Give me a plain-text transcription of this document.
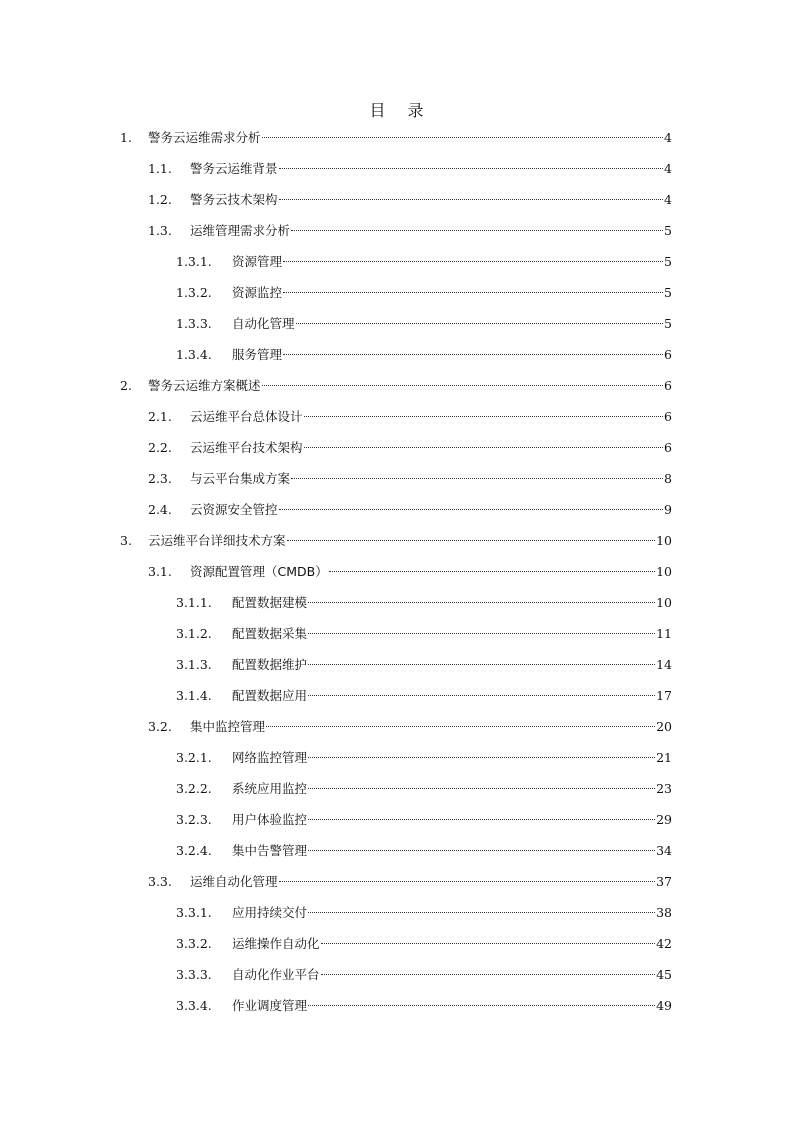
目 录
1.	警务云运维需求分析	4
1.1.	警务云运维背景	4
1.2.	警务云技术架构	4
1.3.	运维管理需求分析	5
1.3.1.	资源管理	5
1.3.2.	资源监控	5
1.3.3.	自动化管理	5
1.3.4.	服务管理	6
2.	警务云运维方案概述	6
2.1.	云运维平台总体设计	6
2.2.	云运维平台技术架构	6
2.3.	与云平台集成方案	8
2.4.	云资源安全管控	9
3.	云运维平台详细技术方案	10
3.1.	资源配置管理（CMDB）	10
3.1.1.	配置数据建模	10
3.1.2.	配置数据采集	11
3.1.3.	配置数据维护	14
3.1.4.	配置数据应用	17
3.2.	集中监控管理	20
3.2.1.	网络监控管理	21
3.2.2.	系统应用监控	23
3.2.3.	用户体验监控	29
3.2.4.	集中告警管理	34
3.3.	运维自动化管理	37
3.3.1.	应用持续交付	38
3.3.2.	运维操作自动化	42
3.3.3.	自动化作业平台	45
3.3.4.	作业调度管理	49
